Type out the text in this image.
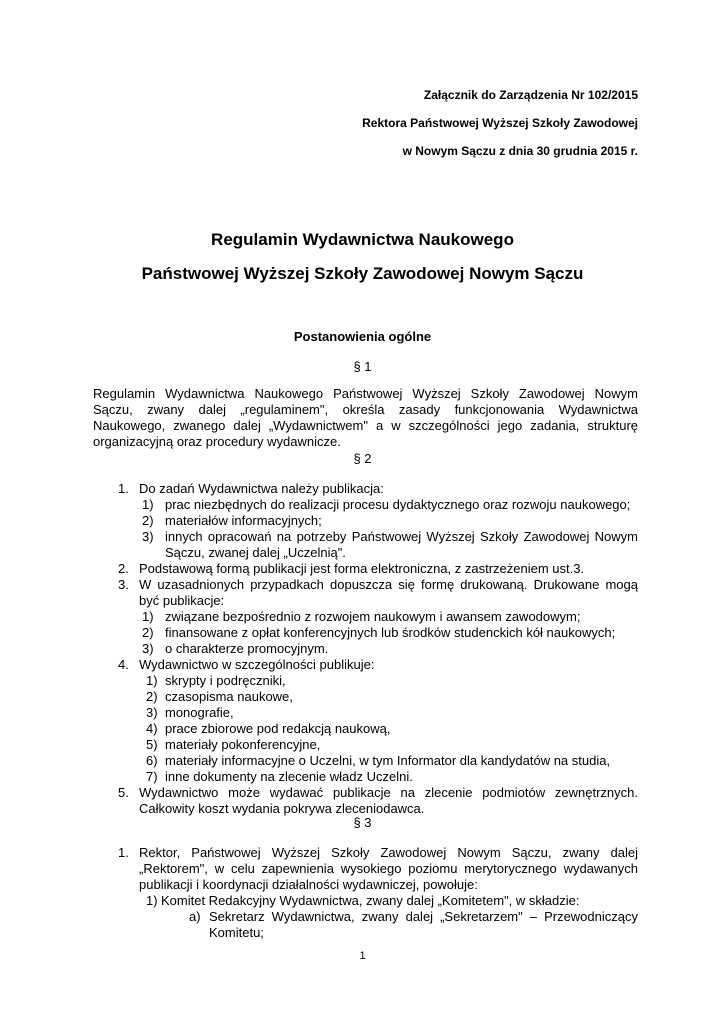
Załącznik do Zarządzenia Nr 102/2015
Rektora Państwowej Wyższej Szkoły Zawodowej
w Nowym Sączu z dnia 30 grudnia 2015 r.
Regulamin Wydawnictwa Naukowego
Państwowej Wyższej Szkoły Zawodowej Nowym Sączu
Postanowienia ogólne
§ 1
Regulamin Wydawnictwa Naukowego Państwowej Wyższej Szkoły Zawodowej Nowym
Sączu, zwany dalej „regulaminem", określa zasady funkcjonowania Wydawnictwa
Naukowego, zwanego dalej „Wydawnictwem" a w szczególności jego zadania, strukturę
organizacyjną oraz procedury wydawnicze.
§ 2
1. Do zadań Wydawnictwa należy publikacja:
1) prac niezbędnych do realizacji procesu dydaktycznego oraz rozwoju naukowego;
2) materiałów informacyjnych;
3) innych opracowań na potrzeby Państwowej Wyższej Szkoły Zawodowej Nowym
Sączu, zwanej dalej „Uczelnią".
2. Podstawową formą publikacji jest forma elektroniczna, z zastrzeżeniem ust.3.
3. W uzasadnionych przypadkach dopuszcza się formę drukowaną. Drukowane mogą
być publikacje:
1) związane bezpośrednio z rozwojem naukowym i awansem zawodowym;
2) finansowane z opłat konferencyjnych lub środków studenckich kół naukowych;
3) o charakterze promocyjnym.
4. Wydawnictwo w szczególności publikuje:
1) skrypty i podręczniki,
2) czasopisma naukowe,
3) monografie,
4) prace zbiorowe pod redakcją naukową,
5) materiały pokonferencyjne,
6) materiały informacyjne o Uczelni, w tym Informator dla kandydatów na studia,
7) inne dokumenty na zlecenie władz Uczelni.
5. Wydawnictwo może wydawać publikacje na zlecenie podmiotów zewnętrznych.
Całkowity koszt wydania pokrywa zleceniodawca.
§ 3
1. Rektor, Państwowej Wyższej Szkoły Zawodowej Nowym Sączu, zwany dalej
„Rektorem", w celu zapewnienia wysokiego poziomu merytorycznego wydawanych
publikacji i koordynacji działalności wydawniczej, powołuje:
1) Komitet Redakcyjny Wydawnictwa, zwany dalej „Komitetem", w składzie:
a) Sekretarz Wydawnictwa, zwany dalej „Sekretarzem" – Przewodniczący
Komitetu;
1
